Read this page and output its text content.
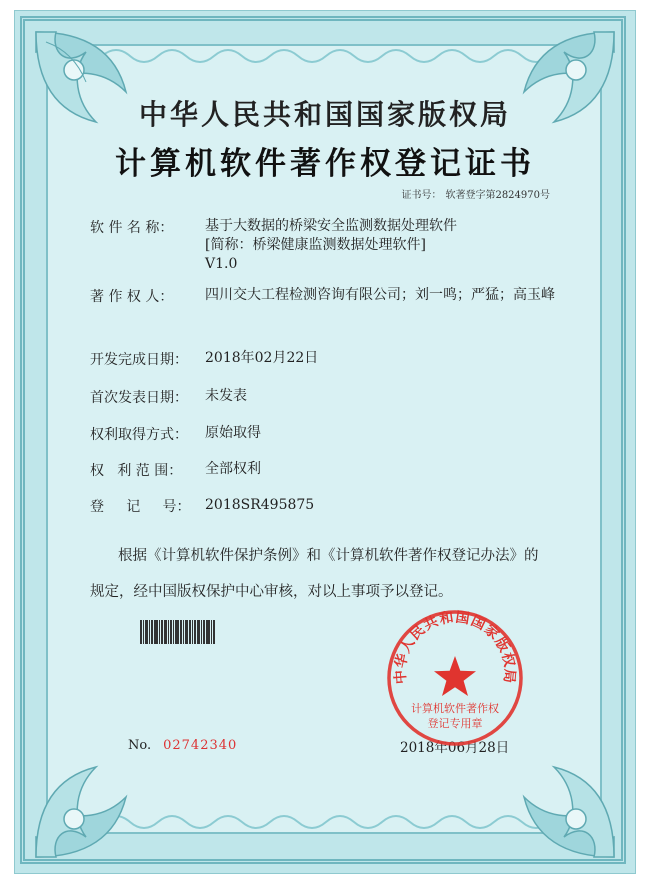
中华人民共和国国家版权局
计算机软件著作权登记证书
证书号： 软著登字第2824970号
软 件 名 称：	基于大数据的桥梁安全监测数据处理软件
[简称：桥梁健康监测数据处理软件]
V1.0
著 作 权 人：	四川交大工程检测咨询有限公司；刘一鸣；严猛；高玉峰
开发完成日期：	2018年02月22日
首次发表日期：	未发表
权利取得方式：	原始取得
权   利 范 围：	全部权利
登     记     号：	2018SR495875
根据《计算机软件保护条例》和《计算机软件著作权登记办法》的
规定，经中国版权保护中心审核，对以上事项予以登记。
No. 02742340	2018年06月28日
中华人民共和国国家版权局
计算机软件著作权
登记专用章
